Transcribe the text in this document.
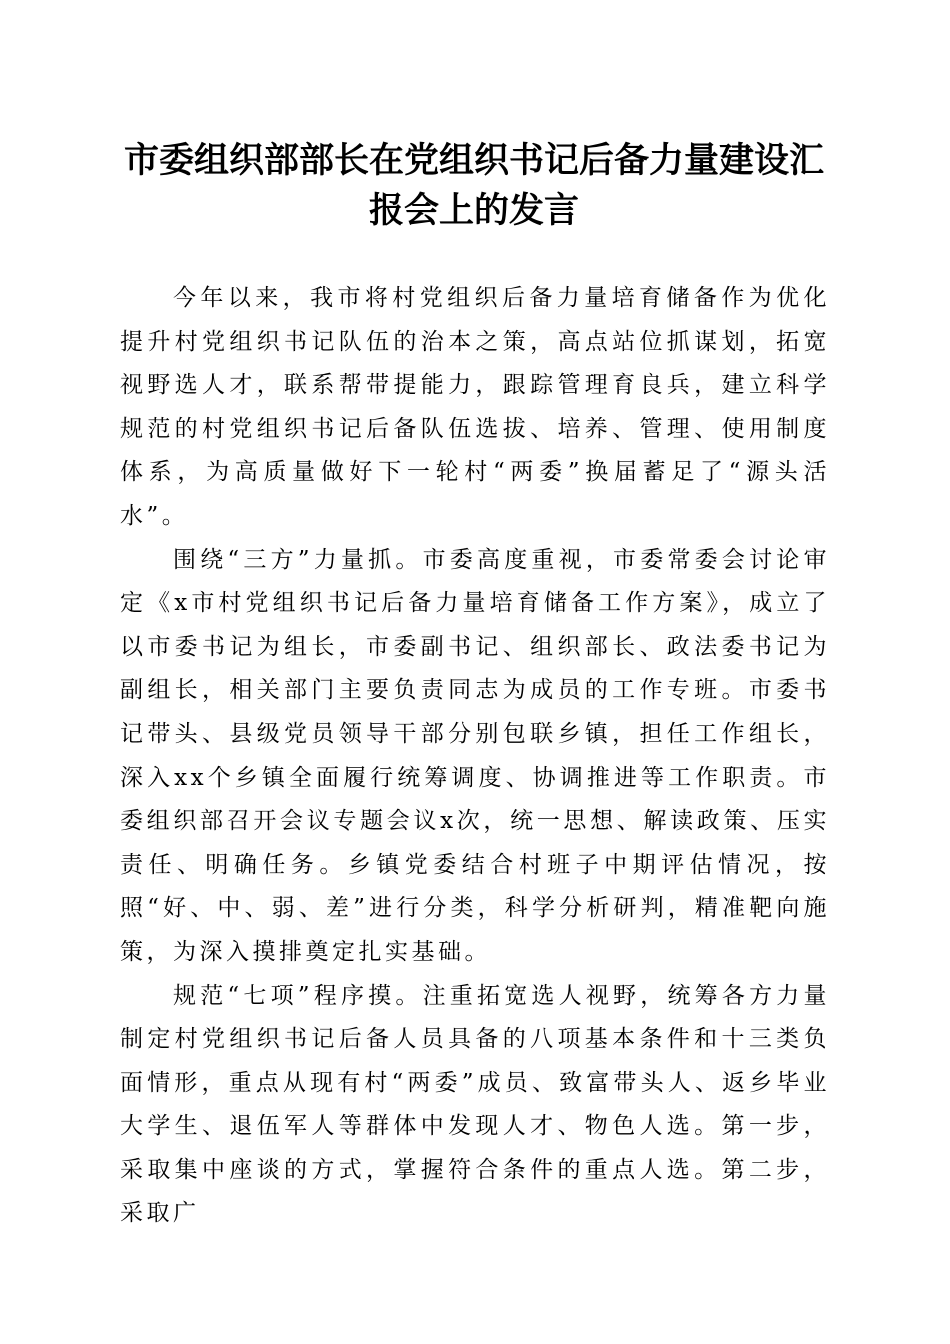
市委组织部部长在党组织书记后备力量建设汇
报会上的发言

今年以来，我市将村党组织后备力量培育储备作为优化提升村党组织书记队伍的治本之策，高点站位抓谋划，拓宽视野选人才，联系帮带提能力，跟踪管理育良兵，建立科学规范的村党组织书记后备队伍选拔、培养、管理、使用制度体系，为高质量做好下一轮村“两委”换届蓄足了“源头活水”。

围绕“三方”力量抓。市委高度重视，市委常委会讨论审定《x市村党组织书记后备力量培育储备工作方案》，成立了以市委书记为组长，市委副书记、组织部长、政法委书记为副组长，相关部门主要负责同志为成员的工作专班。市委书记带头、县级党员领导干部分别包联乡镇，担任工作组长，深入xx个乡镇全面履行统筹调度、协调推进等工作职责。市委组织部召开会议专题会议x次，统一思想、解读政策、压实责任、明确任务。乡镇党委结合村班子中期评估情况，按照“好、中、弱、差”进行分类，科学分析研判，精准靶向施策，为深入摸排奠定扎实基础。

规范“七项”程序摸。注重拓宽选人视野，统筹各方力量制定村党组织书记后备人员具备的八项基本条件和十三类负面情形，重点从现有村“两委”成员、致富带头人、返乡毕业大学生、退伍军人等群体中发现人才、物色人选。第一步，采取集中座谈的方式，掌握符合条件的重点人选。第二步，采取广
